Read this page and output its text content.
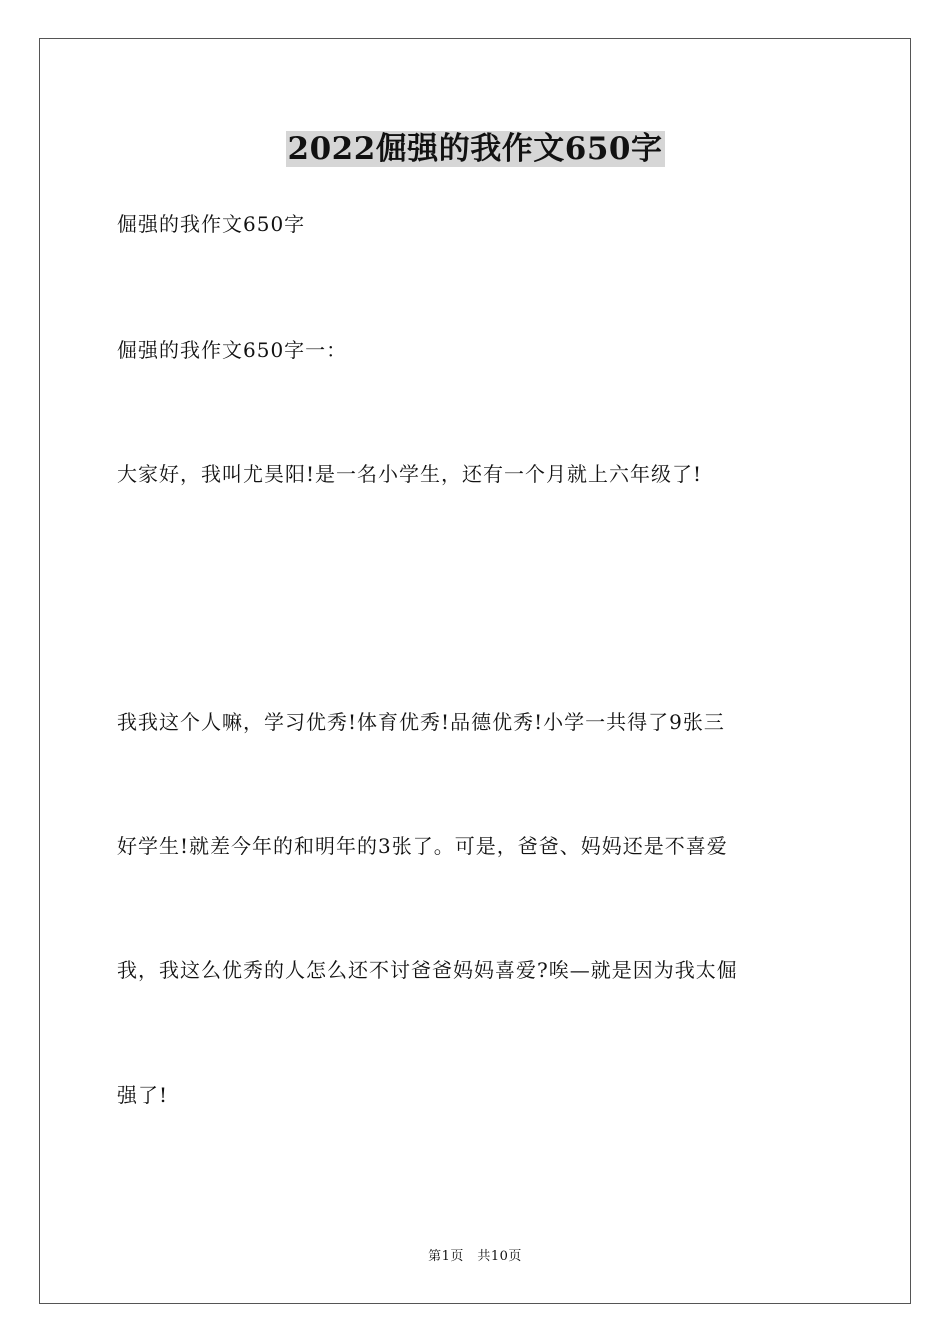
2022倔强的我作文650字

倔强的我作文650字

倔强的我作文650字一：

大家好，我叫尤昊阳!是一名小学生，还有一个月就上六年级了!

我我这个人嘛，学习优秀!体育优秀!品德优秀!小学一共得了9张三

好学生!就差今年的和明年的3张了。可是，爸爸、妈妈还是不喜爱

我，我这么优秀的人怎么还不讨爸爸妈妈喜爱?唉—就是因为我太倔

强了!

第1页　共10页
